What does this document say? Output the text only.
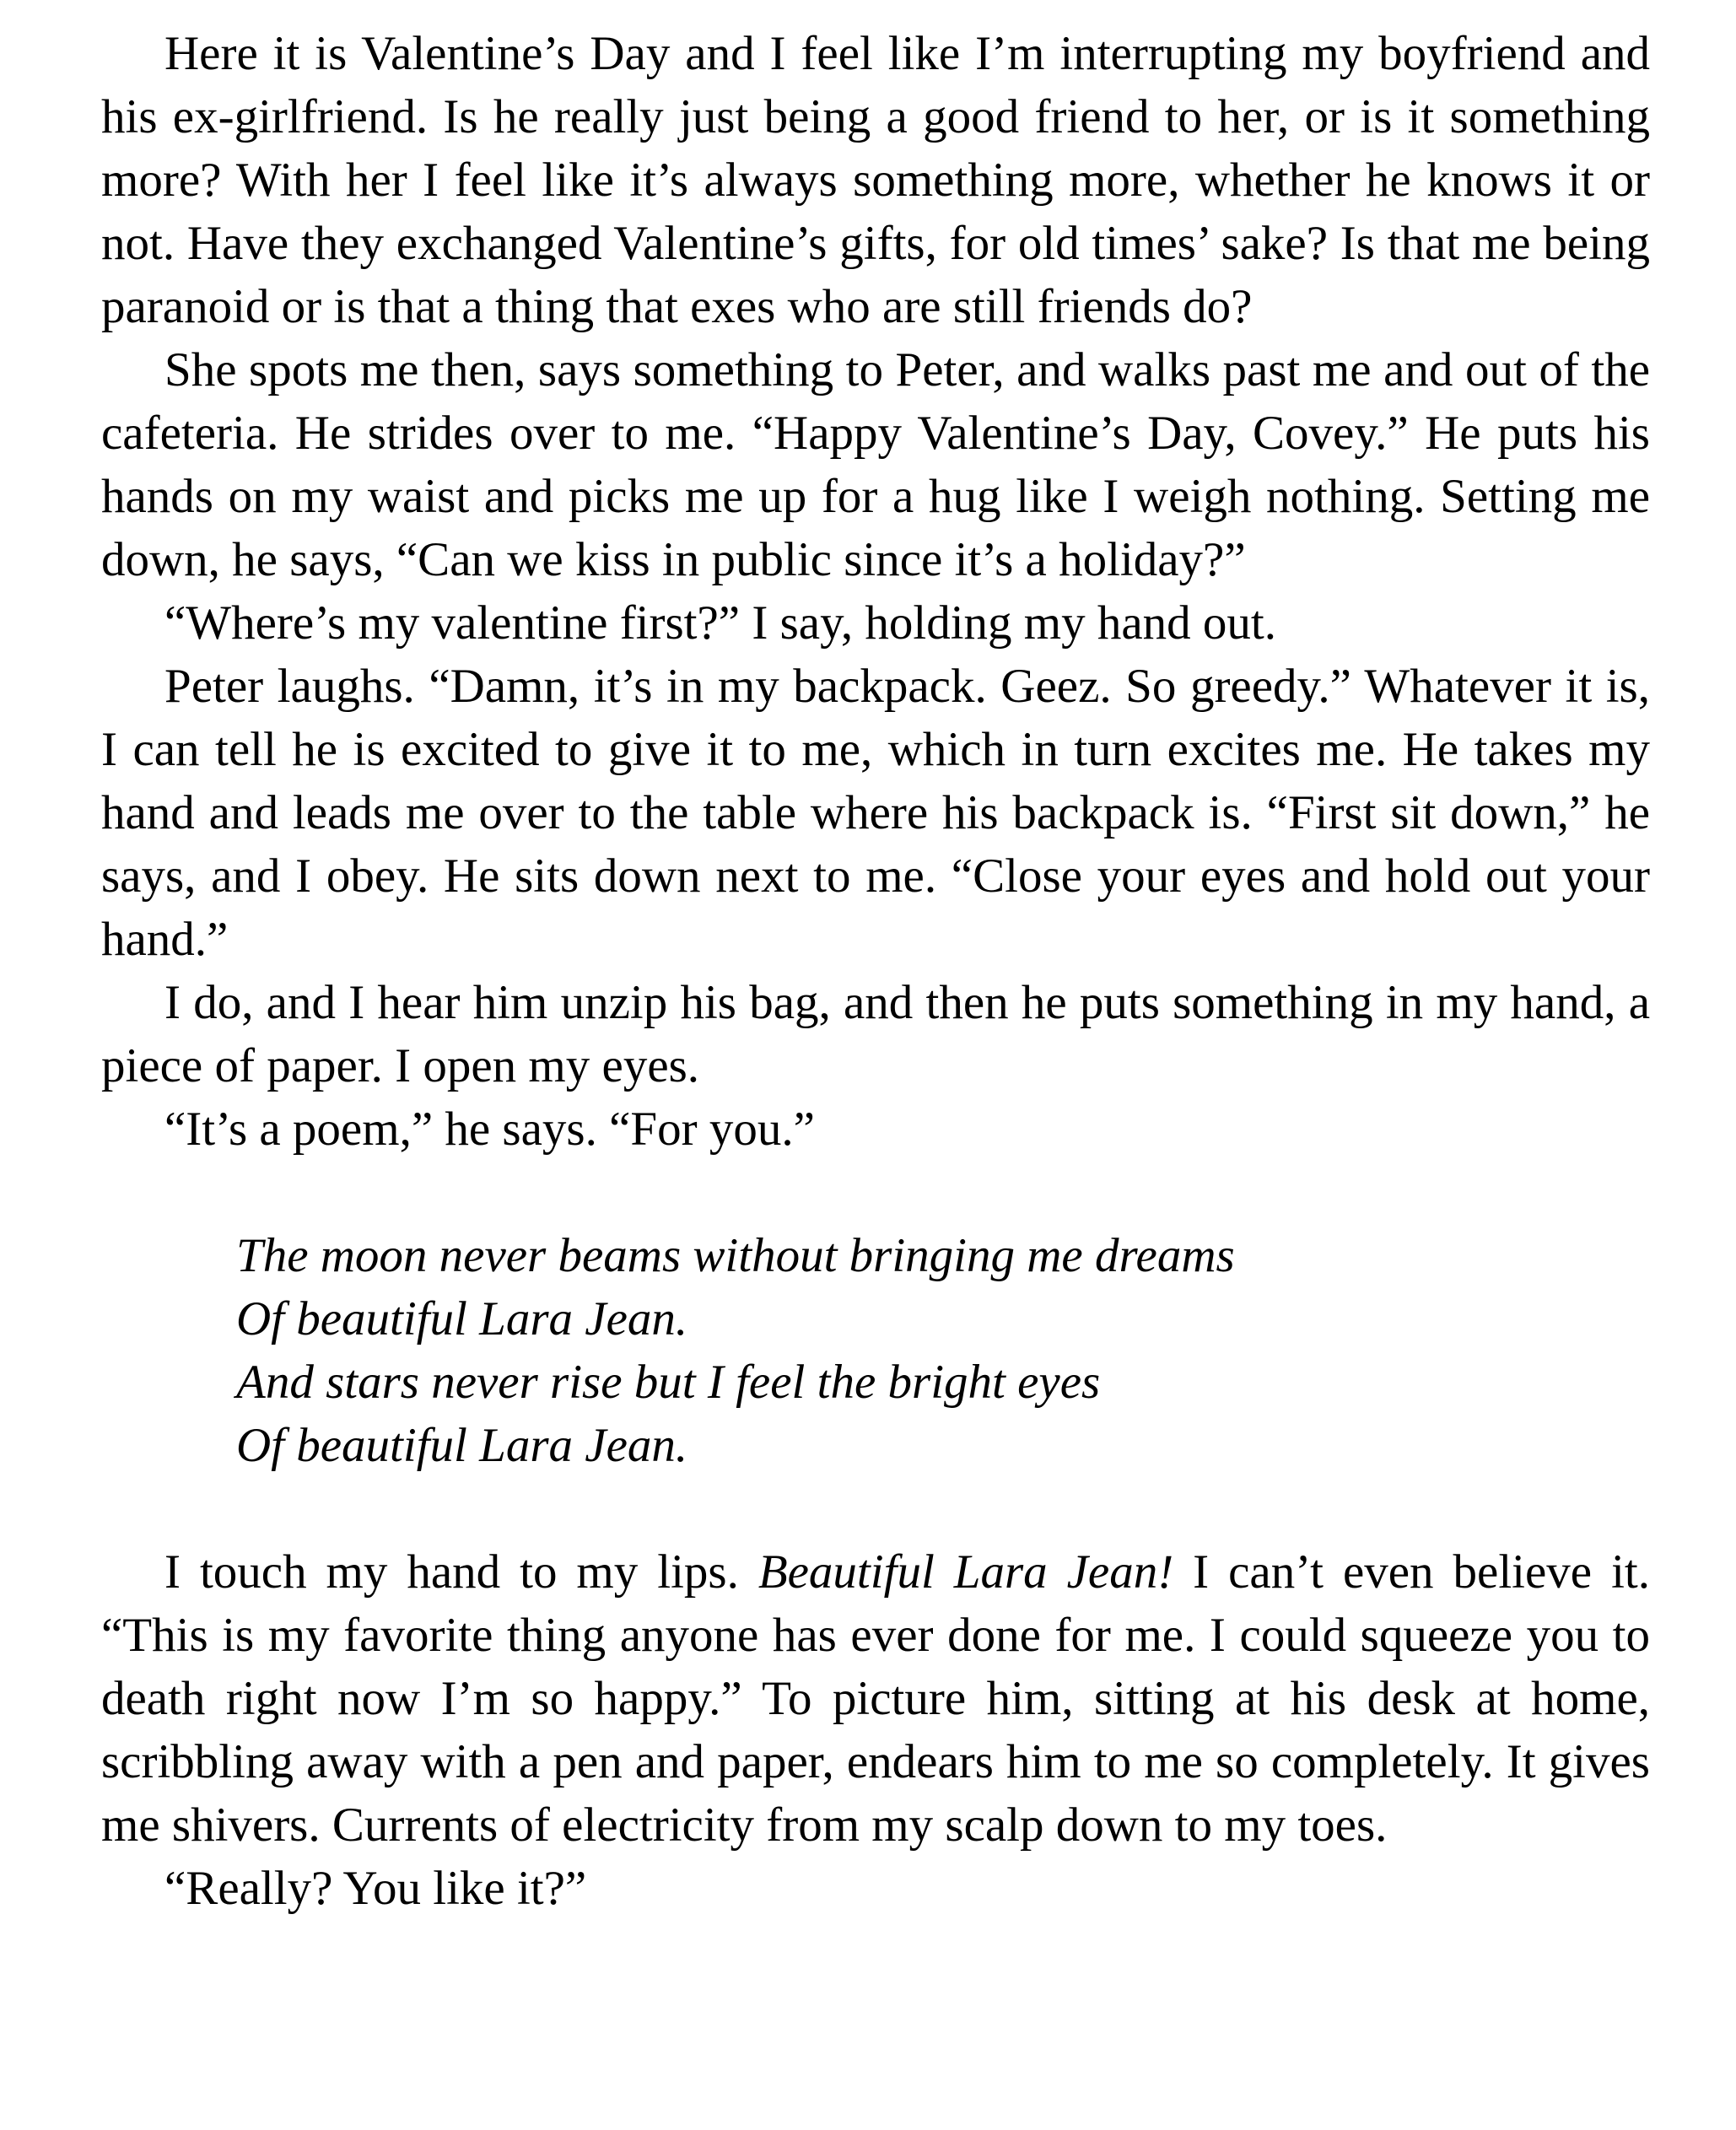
Here it is Valentine’s Day and I feel like I’m interrupting my boyfriend and his ex-girlfriend. Is he really just being a good friend to her, or is it something more? With her I feel like it’s always something more, whether he knows it or not. Have they exchanged Valentine’s gifts, for old times’ sake? Is that me being paranoid or is that a thing that exes who are still friends do?

She spots me then, says something to Peter, and walks past me and out of the cafeteria. He strides over to me. “Happy Valentine’s Day, Covey.” He puts his hands on my waist and picks me up for a hug like I weigh nothing. Setting me down, he says, “Can we kiss in public since it’s a holiday?”

“Where’s my valentine first?” I say, holding my hand out.

Peter laughs. “Damn, it’s in my backpack. Geez. So greedy.” Whatever it is, I can tell he is excited to give it to me, which in turn excites me. He takes my hand and leads me over to the table where his backpack is. “First sit down,” he says, and I obey. He sits down next to me. “Close your eyes and hold out your hand.”

I do, and I hear him unzip his bag, and then he puts something in my hand, a piece of paper. I open my eyes.

“It’s a poem,” he says. “For you.”

The moon never beams without bringing me dreams
Of beautiful Lara Jean.
And stars never rise but I feel the bright eyes
Of beautiful Lara Jean.

I touch my hand to my lips. Beautiful Lara Jean! I can’t even believe it. “This is my favorite thing anyone has ever done for me. I could squeeze you to death right now I’m so happy.” To picture him, sitting at his desk at home, scribbling away with a pen and paper, endears him to me so completely. It gives me shivers. Currents of electricity from my scalp down to my toes.

“Really? You like it?”
